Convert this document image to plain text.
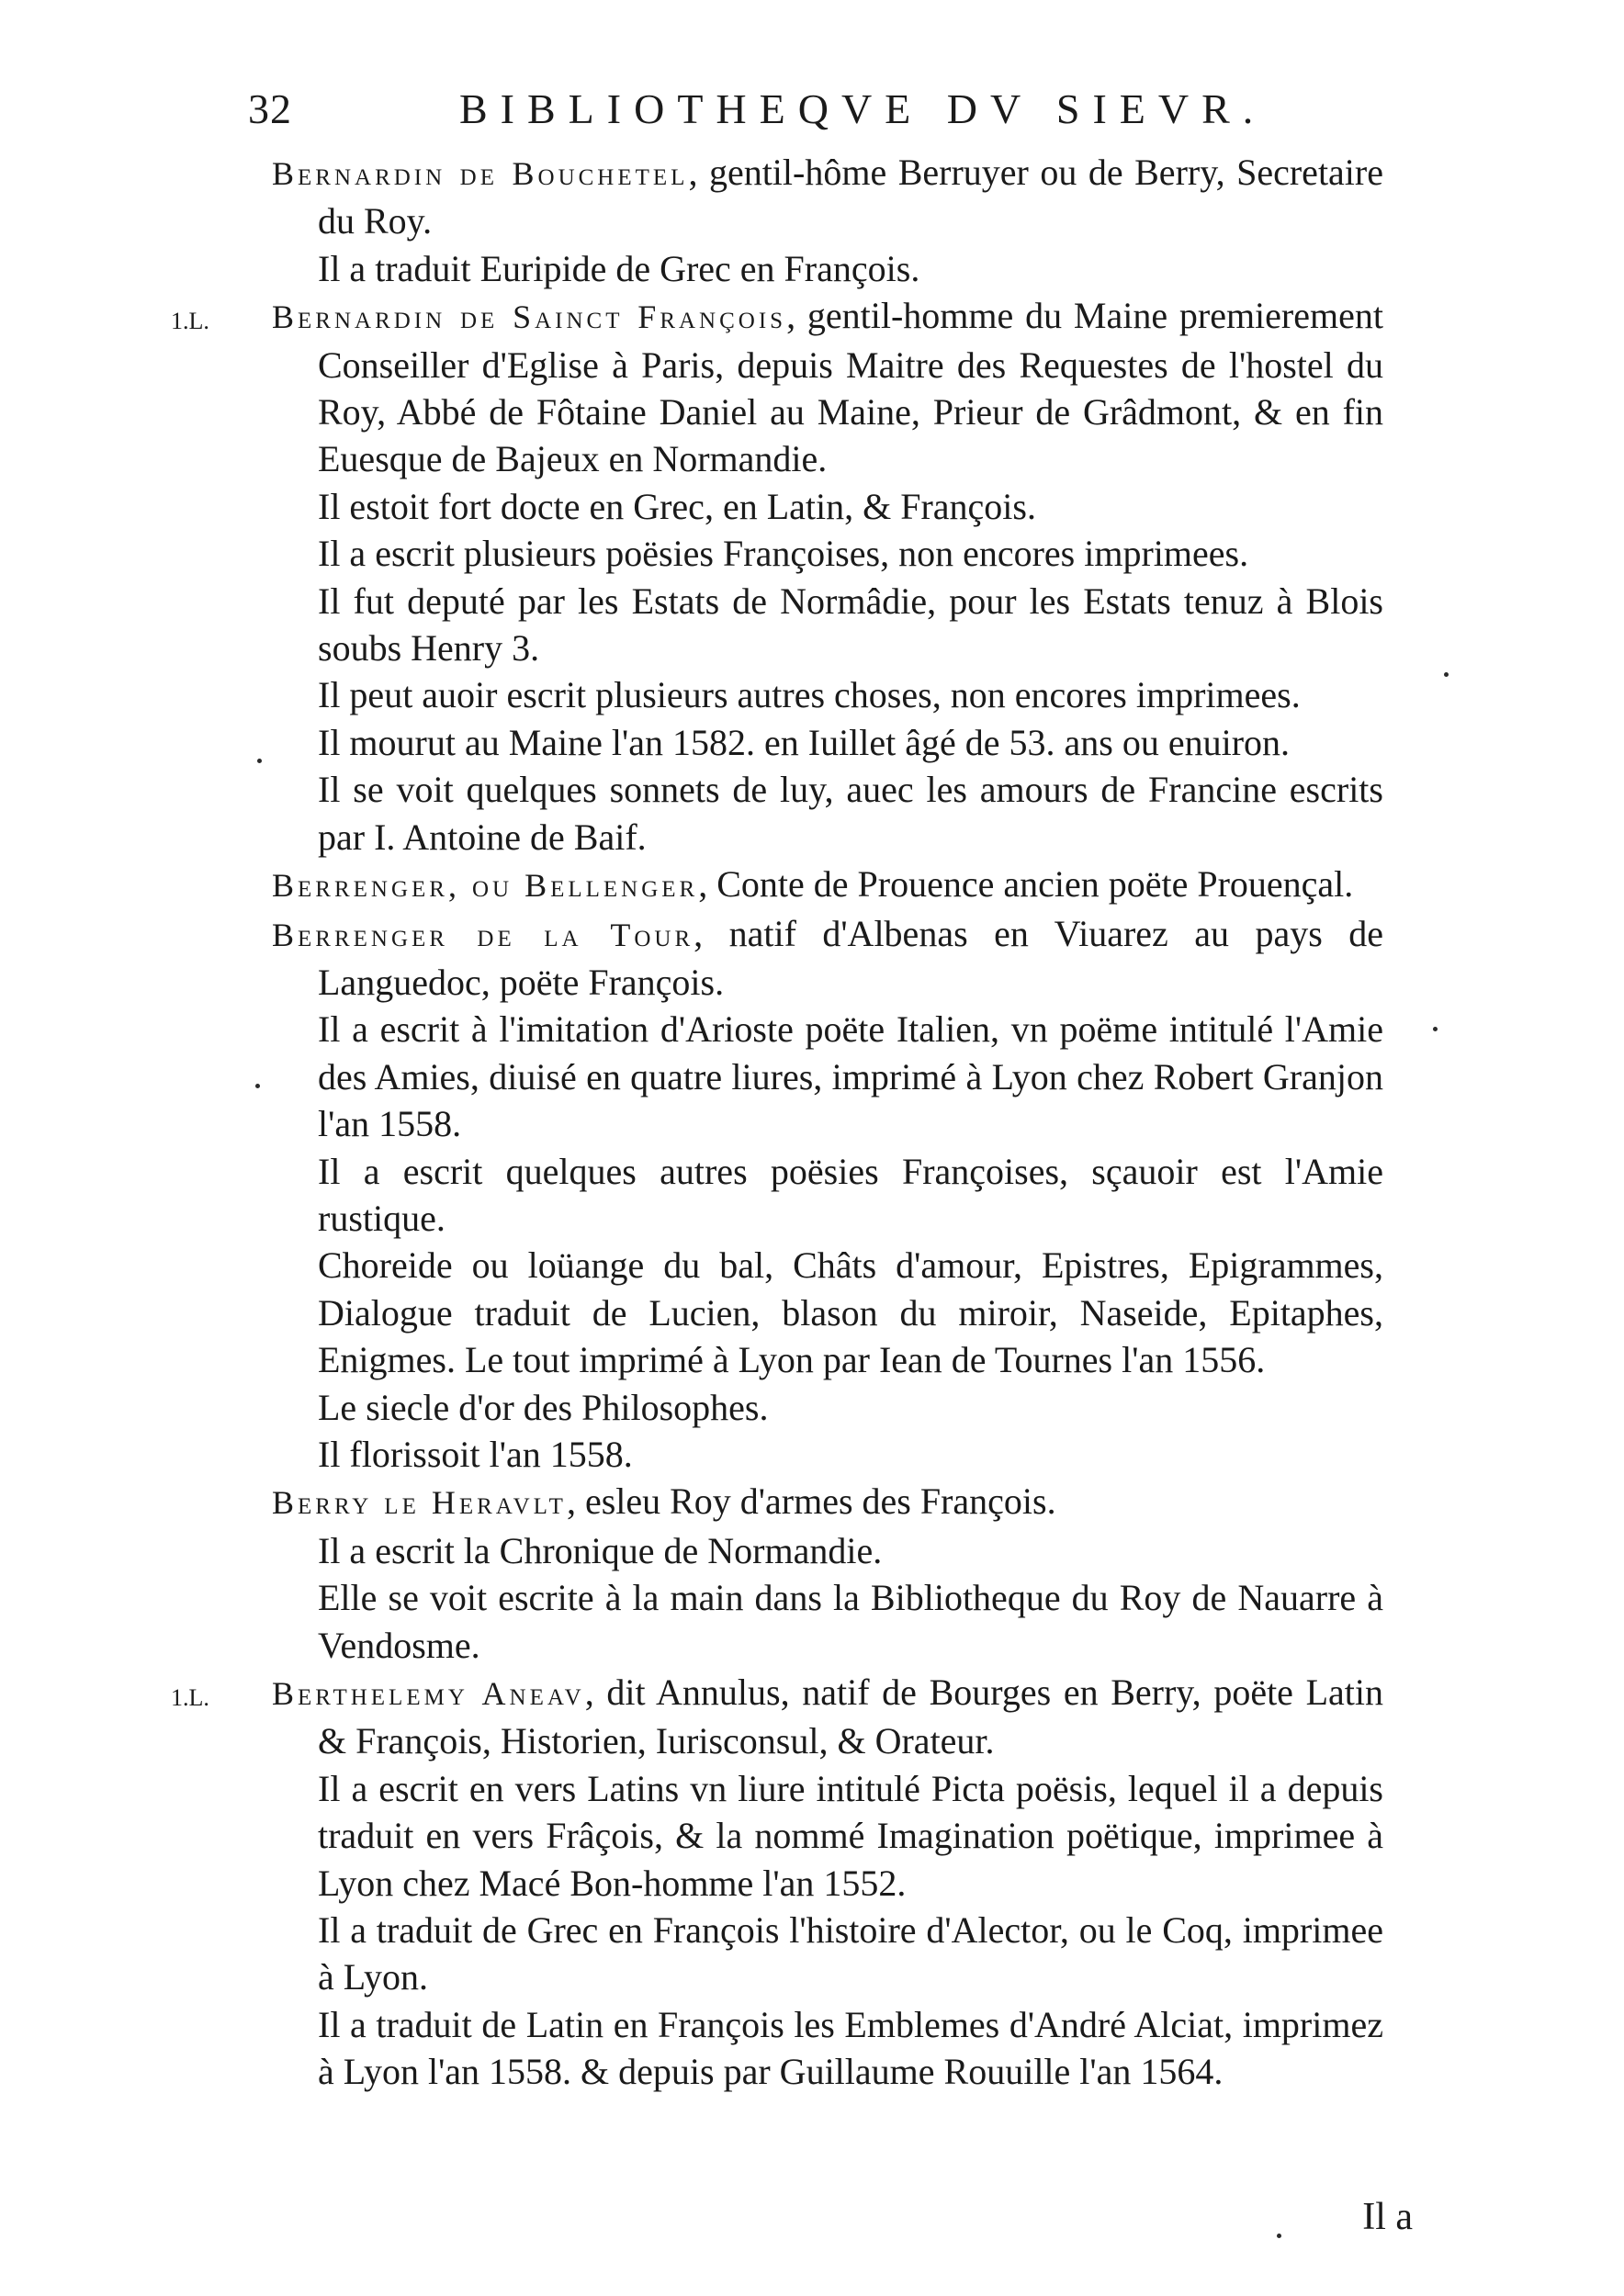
32	BIBLIOTHEQVE DV SIEVR.

Bernardin de Bouchetel, gentil-hôme Berruyer ou de Berry, Secretaire du Roy.

Il a traduit Euripide de Grec en François.

1.L. Bernardin de Sainct François, gentil-homme du Maine premierement Conseiller d'Eglise à Paris, depuis Maitre des Requestes de l'hostel du Roy, Abbé de Fôtaine Daniel au Maine, Prieur de Grâdmont, & en fin Euesque de Bajeux en Normandie.

Il estoit fort docte en Grec, en Latin, & François.

Il a escrit plusieurs poësies Françoises, non encores imprimees.

Il fut deputé par les Estats de Normâdie, pour les Estats tenuz à Blois soubs Henry 3.

Il peut auoir escrit plusieurs autres choses, non encores imprimees.

Il mourut au Maine l'an 1582. en Iuillet âgé de 53. ans ou enuiron.

Il se voit quelques sonnets de luy, auec les amours de Francine escrits par I. Antoine de Baif.

Berrenger, ou Bellenger, Conte de Prouence ancien poëte Prouençal.

Berrenger de la Tour, natif d'Albenas en Viuarez au pays de Languedoc, poëte François.

Il a escrit à l'imitation d'Arioste poëte Italien, vn poëme intitulé l'Amie des Amies, diuisé en quatre liures, imprimé à Lyon chez Robert Granjon l'an 1558.

Il a escrit quelques autres poësies Françoises, sçauoir est l'Amie rustique.

Choreide ou loüange du bal, Châts d'amour, Epistres, Epigrammes, Dialogue traduit de Lucien, blason du miroir, Naseide, Epitaphes, Enigmes. Le tout imprimé à Lyon par Iean de Tournes l'an 1556.

Le siecle d'or des Philosophes.

Il florissoit l'an 1558.

Berry le Heravlt, esleu Roy d'armes des François.

Il a escrit la Chronique de Normandie.

Elle se voit escrite à la main dans la Bibliotheque du Roy de Nauarre à Vendosme.

1.L. Berthelemy Aneav, dit Annulus, natif de Bourges en Berry, poëte Latin & François, Historien, Iurisconsul, & Orateur.

Il a escrit en vers Latins vn liure intitulé Picta poësis, lequel il a depuis traduit en vers Frâçois, & la nommé Imagination poëtique, imprimee à Lyon chez Macé Bon-homme l'an 1552.

Il a traduit de Grec en François l'histoire d'Alector, ou le Coq, imprimee à Lyon.

Il a traduit de Latin en François les Emblemes d'André Alciat, imprimez à Lyon l'an 1558. & depuis par Guillaume Rouuille l'an 1564.

Il a
